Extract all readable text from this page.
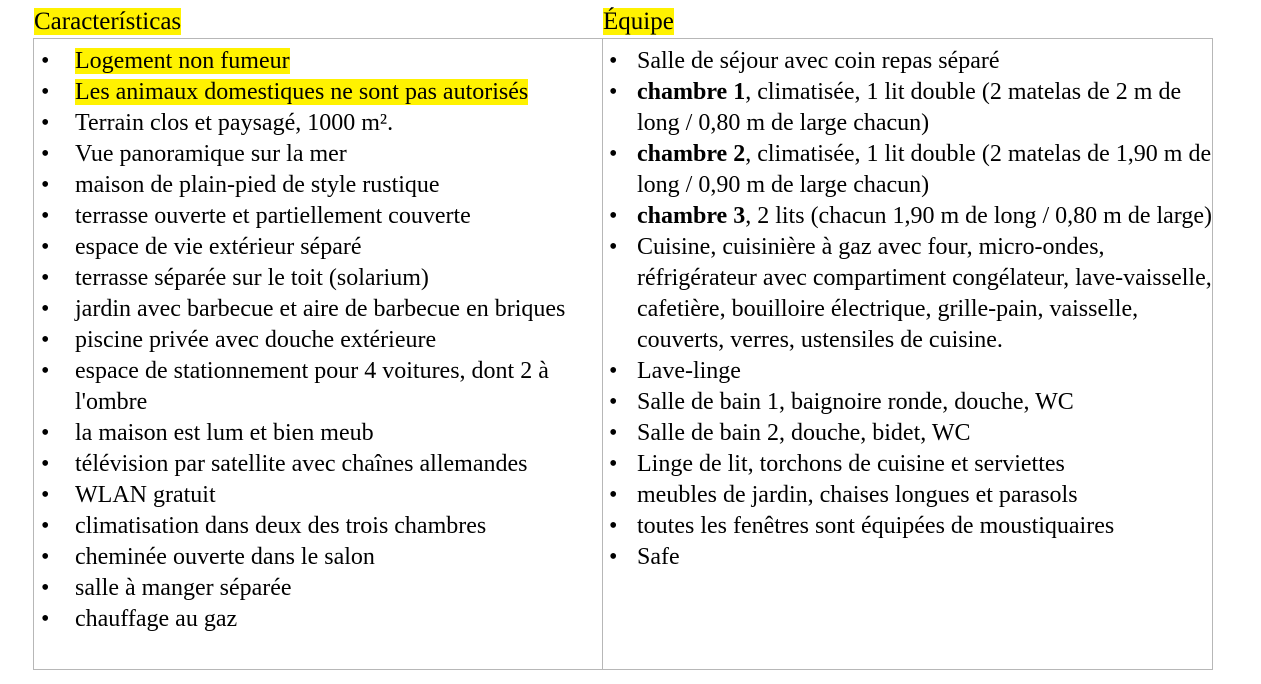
Características	Équipe
• Logement non fumeur
• Les animaux domestiques ne sont pas autorisés
• Terrain clos et paysagé, 1000 m².
• Vue panoramique sur la mer
• maison de plain-pied de style rustique
• terrasse ouverte et partiellement couverte
• espace de vie extérieur séparé
• terrasse séparée sur le toit (solarium)
• jardin avec barbecue et aire de barbecue en briques
• piscine privée avec douche extérieure
• espace de stationnement pour 4 voitures, dont 2 à l'ombre
• la maison est lum et bien meub
• télévision par satellite avec chaînes allemandes
• WLAN gratuit
• climatisation dans deux des trois chambres
• cheminée ouverte dans le salon
• salle à manger séparée
• chauffage au gaz
• Salle de séjour avec coin repas séparé
• chambre 1, climatisée, 1 lit double (2 matelas de 2 m de long / 0,80 m de large chacun)
• chambre 2, climatisée, 1 lit double (2 matelas de 1,90 m de long / 0,90 m de large chacun)
• chambre 3, 2 lits (chacun 1,90 m de long / 0,80 m de large)
• Cuisine, cuisinière à gaz avec four, micro-ondes, réfrigérateur avec compartiment congélateur, lave-vaisselle, cafetière, bouilloire électrique, grille-pain, vaisselle, couverts, verres, ustensiles de cuisine.
• Lave-linge
• Salle de bain 1, baignoire ronde, douche, WC
• Salle de bain 2, douche, bidet, WC
• Linge de lit, torchons de cuisine et serviettes
• meubles de jardin, chaises longues et parasols
• toutes les fenêtres sont équipées de moustiquaires
• Safe
